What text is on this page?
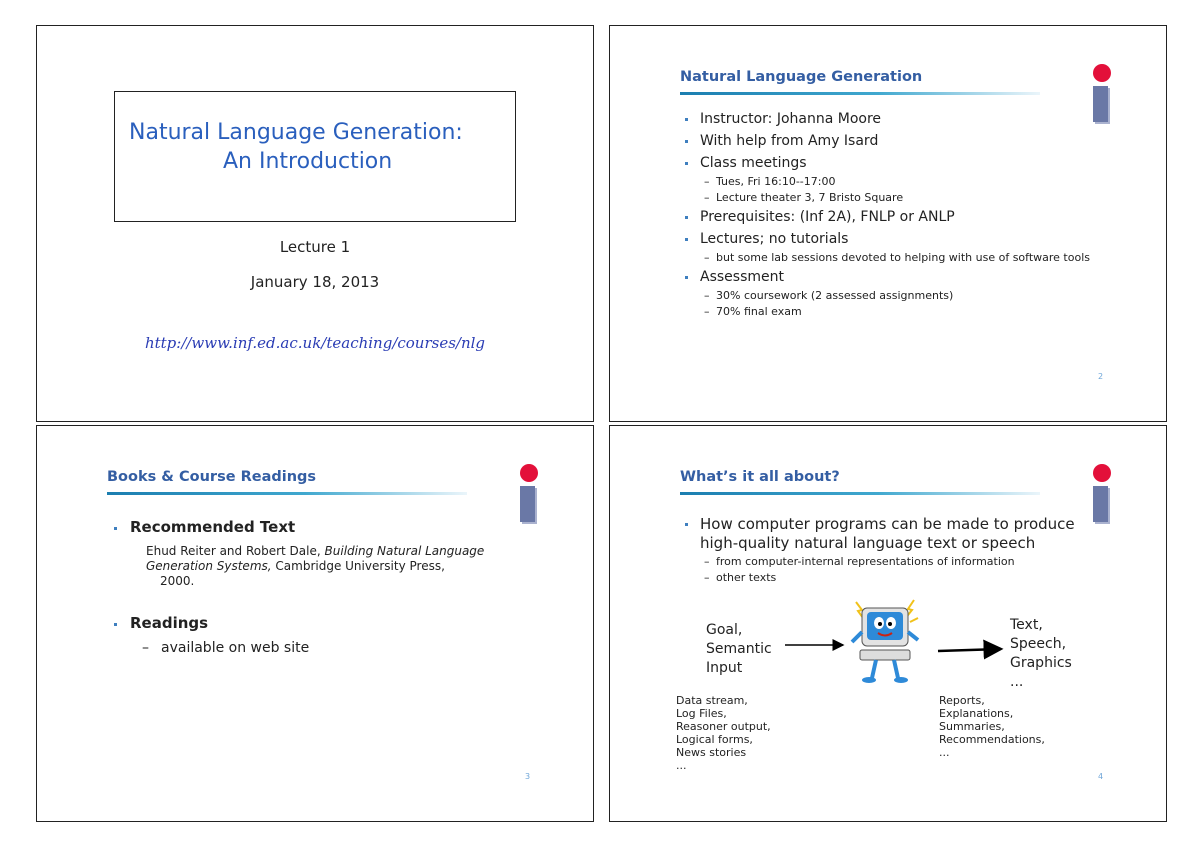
Natural Language Generation:
An Introduction
Lecture 1
January 18, 2013
http://www.inf.ed.ac.uk/teaching/courses/nlg
Natural Language Generation
Instructor: Johanna Moore
With help from Amy Isard
Class meetings
– Tues, Fri 16:10--17:00
– Lecture theater 3, 7 Bristo Square
Prerequisites: (Inf 2A), FNLP or ANLP
Lectures; no tutorials
– but some lab sessions devoted to helping with use of software tools
Assessment
– 30% coursework (2 assessed assignments)
– 70% final exam
2
Books & Course Readings
Recommended Text
Ehud Reiter and Robert Dale, Building Natural Language Generation Systems, Cambridge University Press,
2000.
Readings
– available on web site
3
What’s it all about?
How computer programs can be made to produce high-quality natural language text or speech
– from computer-internal representations of information
– other texts
Goal,
Semantic
Input
Text,
Speech,
Graphics
...
Data stream,
Log Files,
Reasoner output,
Logical forms,
News stories
...
Reports,
Explanations,
Summaries,
Recommendations,
...
4
